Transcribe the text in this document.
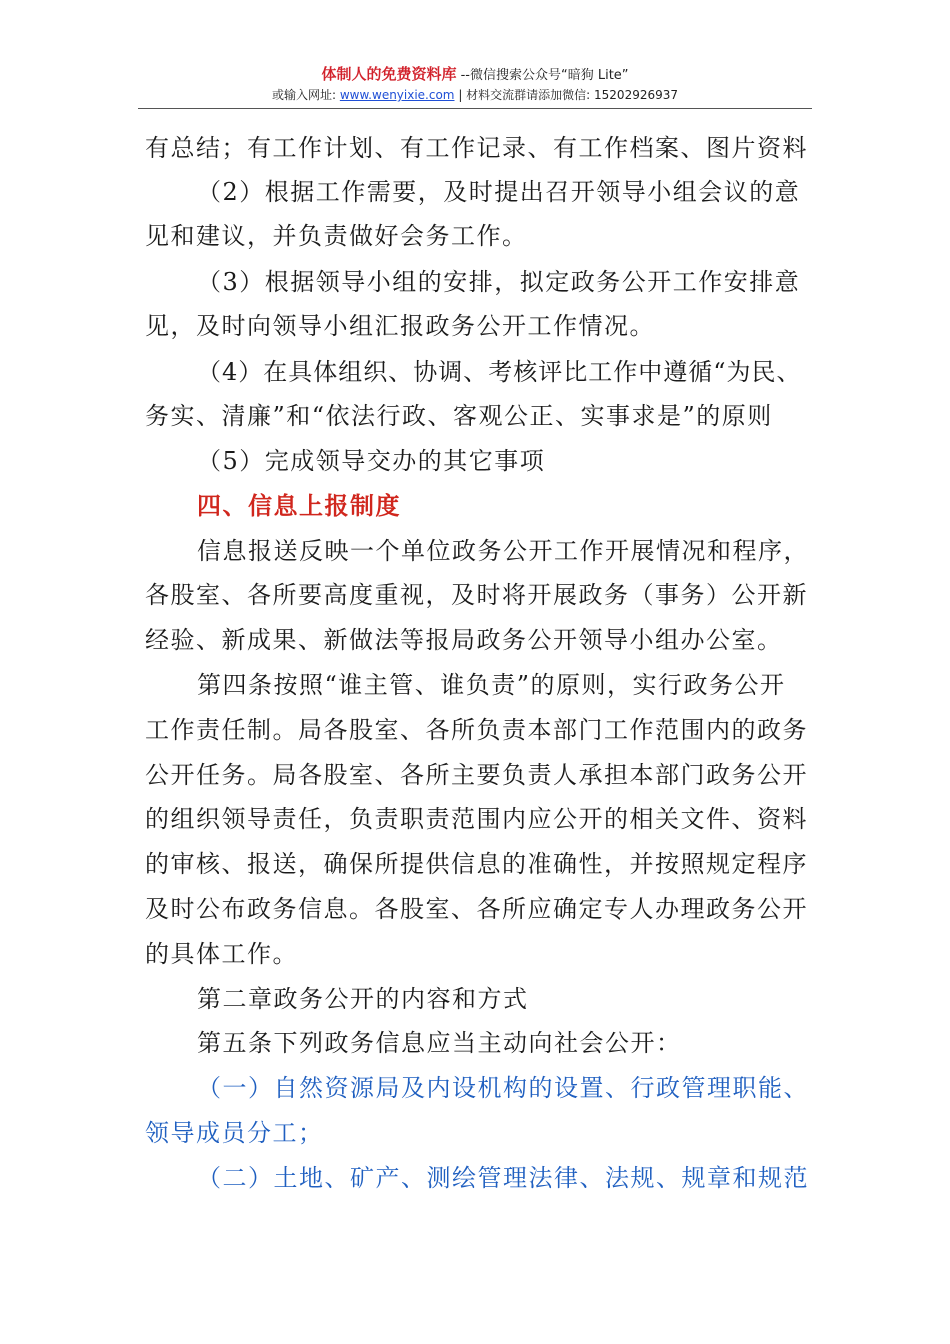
体制人的免费资料库 --微信搜索公众号“暗狗 Lite”
或输入网址: www.wenyixie.com | 材料交流群请添加微信: 15202926937
有总结；有工作计划、有工作记录、有工作档案、图片资料
（2）根据工作需要，及时提出召开领导小组会议的意
见和建议，并负责做好会务工作。
（3）根据领导小组的安排，拟定政务公开工作安排意
见，及时向领导小组汇报政务公开工作情况。
（4）在具体组织、协调、考核评比工作中遵循“为民、
务实、清廉”和“依法行政、客观公正、实事求是”的原则
（5）完成领导交办的其它事项
四、信息上报制度
信息报送反映一个单位政务公开工作开展情况和程序，
各股室、各所要高度重视，及时将开展政务（事务）公开新
经验、新成果、新做法等报局政务公开领导小组办公室。
第四条按照“谁主管、谁负责”的原则，实行政务公开
工作责任制。局各股室、各所负责本部门工作范围内的政务
公开任务。局各股室、各所主要负责人承担本部门政务公开
的组织领导责任，负责职责范围内应公开的相关文件、资料
的审核、报送，确保所提供信息的准确性，并按照规定程序
及时公布政务信息。各股室、各所应确定专人办理政务公开
的具体工作。
第二章政务公开的内容和方式
第五条下列政务信息应当主动向社会公开：
（一）自然资源局及内设机构的设置、行政管理职能、
领导成员分工；
（二）土地、矿产、测绘管理法律、法规、规章和规范
